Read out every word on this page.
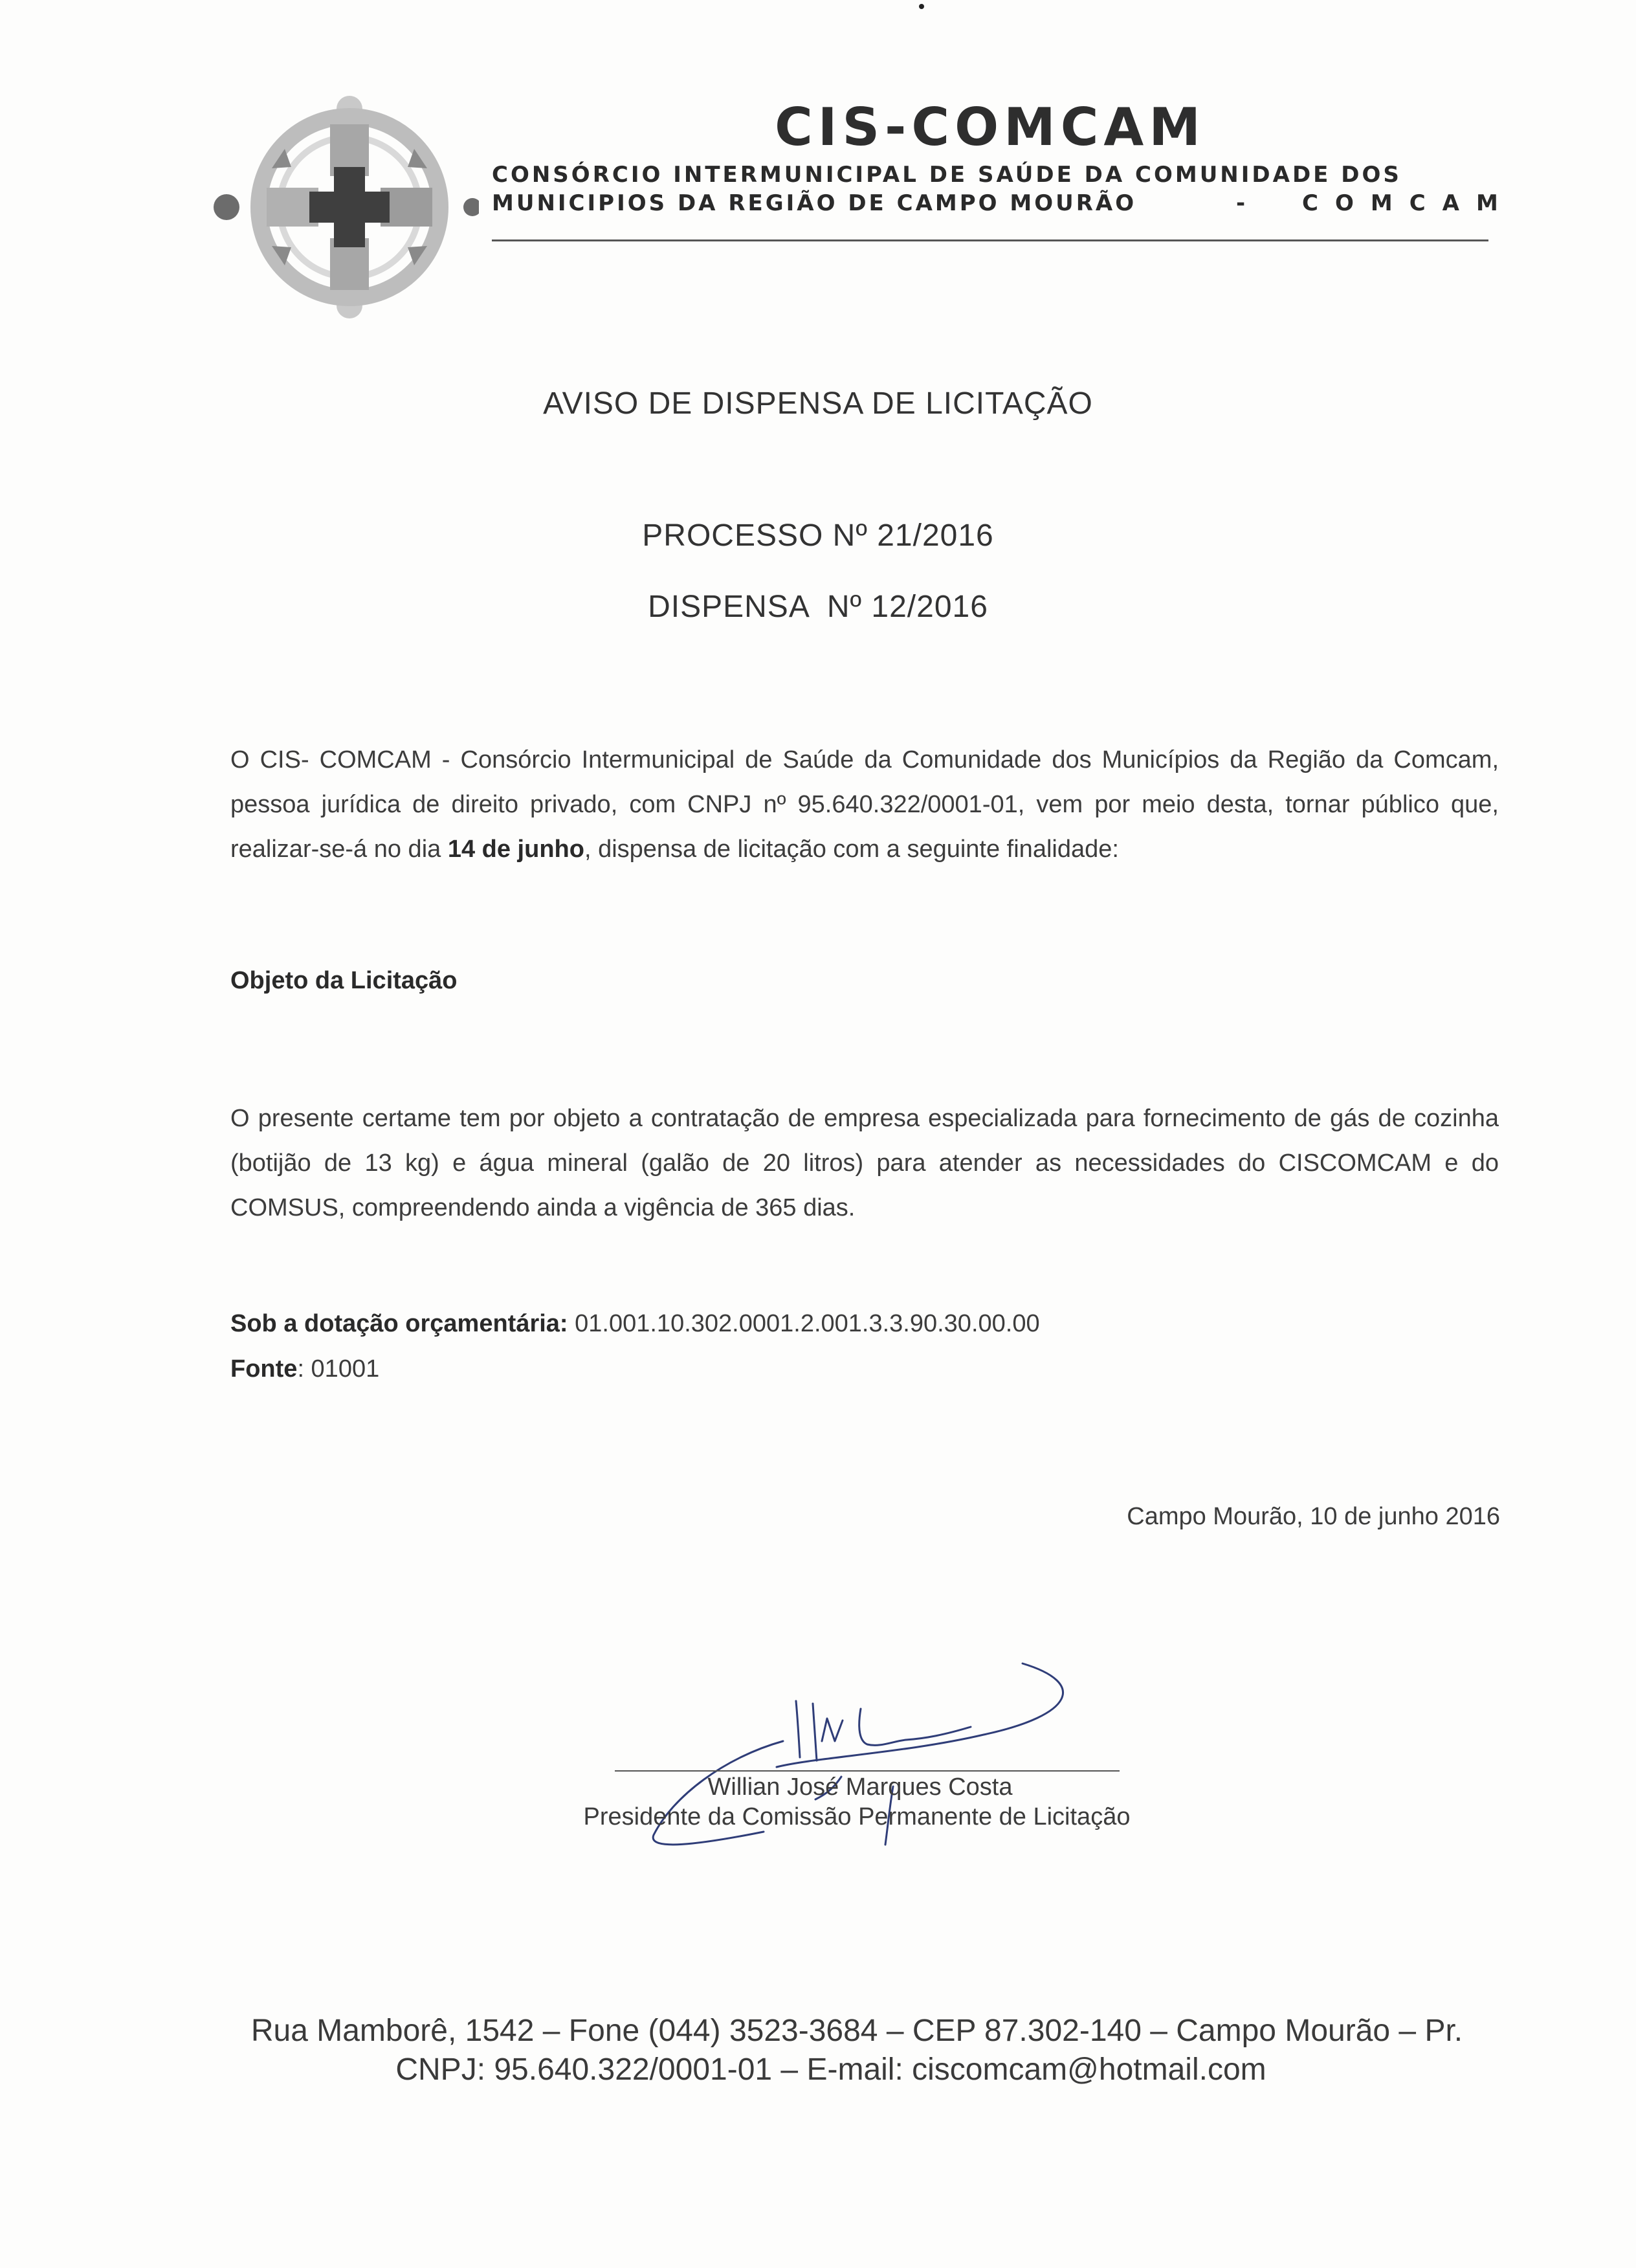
CIS-COMCAM
CONSÓRCIO INTERMUNICIPAL DE SAÚDE DA COMUNIDADE DOS
MUNICIPIOS DA REGIÃO DE CAMPO MOURÃO	- COMCAM
AVISO DE DISPENSA DE LICITAÇÃO
PROCESSO Nº 21/2016
DISPENSA  Nº 12/2016
O CIS- COMCAM - Consórcio Intermunicipal de Saúde da Comunidade dos Municípios da Região da Comcam, pessoa jurídica de direito privado, com CNPJ nº 95.640.322/0001-01, vem por meio desta, tornar público que, realizar-se-á no dia 14 de junho, dispensa de licitação com a seguinte finalidade:
Objeto da Licitação
O presente certame tem por objeto a contratação de empresa especializada para fornecimento de gás de cozinha (botijão de 13 kg) e água mineral (galão de 20 litros) para atender as necessidades do CISCOMCAM e do COMSUS, compreendendo ainda a vigência de 365 dias.
Sob a dotação orçamentária: 01.001.10.302.0001.2.001.3.3.90.30.00.00
Fonte: 01001
Campo Mourão, 10 de junho 2016
Willian José Marques Costa
Presidente da Comissão Permanente de Licitação
Rua Mamborê, 1542 – Fone (044) 3523-3684 – CEP 87.302-140 – Campo Mourão – Pr.
CNPJ: 95.640.322/0001-01 – E-mail: ciscomcam@hotmail.com
